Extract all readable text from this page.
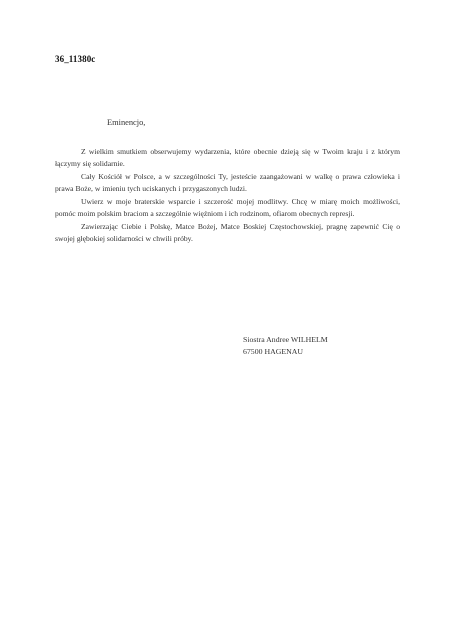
36_11380c
Eminencjo,

Z wielkim smutkiem obserwujemy wydarzenia, które obecnie dzieją się w Twoim kraju i z którym łączymy się solidarnie.

Cały Kościół w Polsce, a w szczególności Ty, jesteście zaangażowani w walkę o prawa człowieka i prawa Boże, w imieniu tych uciskanych i przygaszonych ludzi.

Uwierz w moje braterskie wsparcie i szczerość mojej modlitwy. Chcę w miarę moich możliwości, pomóc moim polskim braciom a szczególnie więźniom i ich rodzinom, ofiarom obecnych represji.

Zawierzając Ciebie i Polskę, Matce Bożej, Matce Boskiej Częstochowskiej, pragnę zapewnić Cię o swojej głębokiej solidarności w chwili próby.

Siostra Andree WILHELM
67500 HAGENAU
